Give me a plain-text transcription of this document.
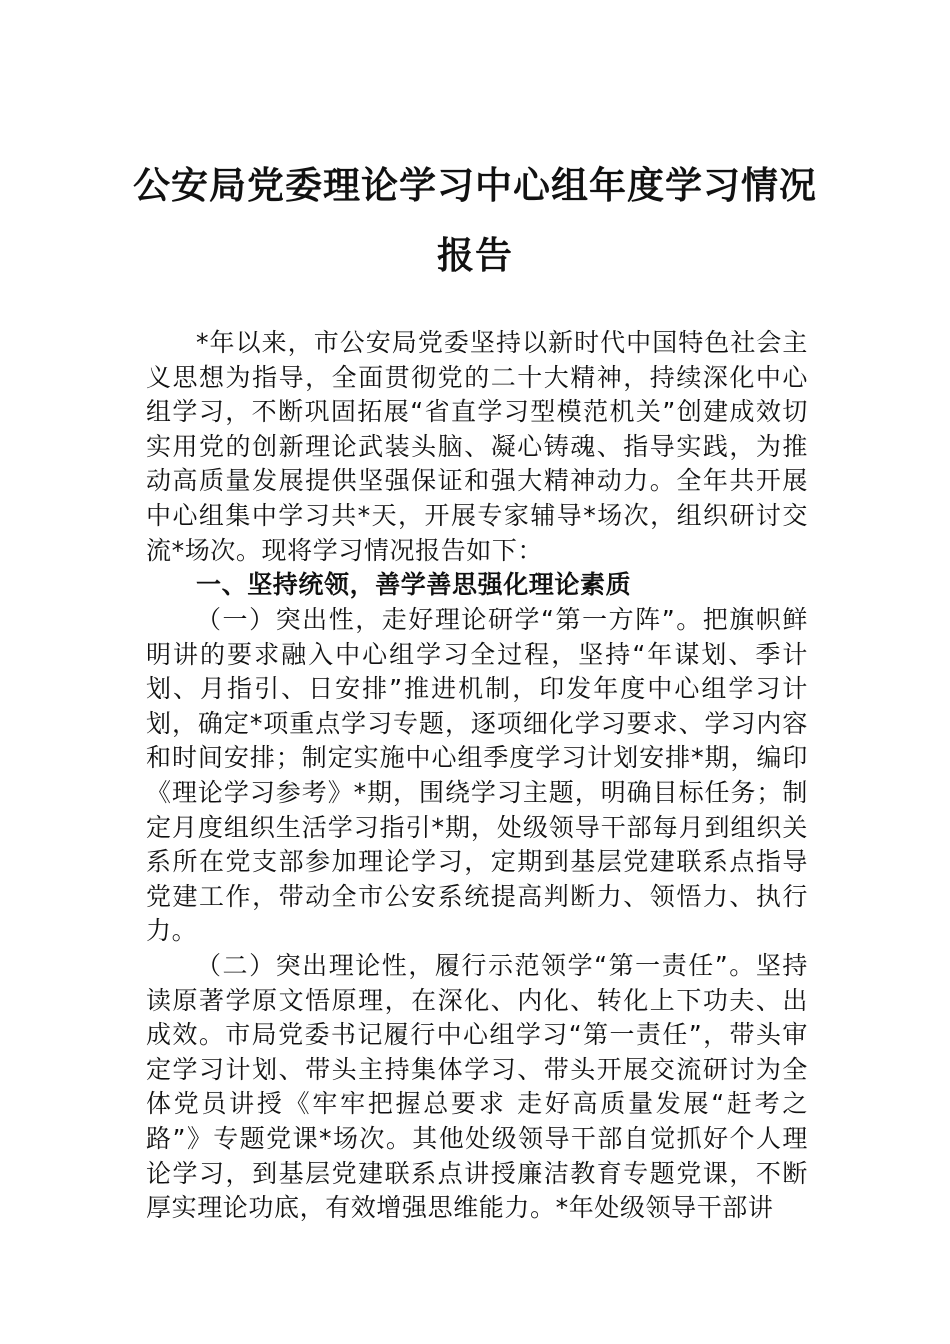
公安局党委理论学习中心组年度学习情况
报告

*年以来，市公安局党委坚持以新时代中国特色社会主义思想为指导，全面贯彻党的二十大精神，持续深化中心组学习，不断巩固拓展“省直学习型模范机关”创建成效切实用党的创新理论武装头脑、凝心铸魂、指导实践，为推动高质量发展提供坚强保证和强大精神动力。全年共开展中心组集中学习共*天，开展专家辅导*场次，组织研讨交流*场次。现将学习情况报告如下：

一、坚持统领，善学善思强化理论素质

（一）突出性，走好理论研学“第一方阵”。把旗帜鲜明讲的要求融入中心组学习全过程，坚持“年谋划、季计划、月指引、日安排”推进机制，印发年度中心组学习计划，确定*项重点学习专题，逐项细化学习要求、学习内容和时间安排；制定实施中心组季度学习计划安排*期，编印《理论学习参考》*期，围绕学习主题，明确目标任务；制定月度组织生活学习指引*期，处级领导干部每月到组织关系所在党支部参加理论学习，定期到基层党建联系点指导党建工作，带动全市公安系统提高判断力、领悟力、执行力。

（二）突出理论性，履行示范领学“第一责任”。坚持读原著学原文悟原理，在深化、内化、转化上下功夫、出成效。市局党委书记履行中心组学习“第一责任”，带头审定学习计划、带头主持集体学习、带头开展交流研讨为全体党员讲授《牢牢把握总要求 走好高质量发展“赶考之路”》专题党课*场次。其他处级领导干部自觉抓好个人理论学习，到基层党建联系点讲授廉洁教育专题党课，不断厚实理论功底，有效增强思维能力。*年处级领导干部讲
